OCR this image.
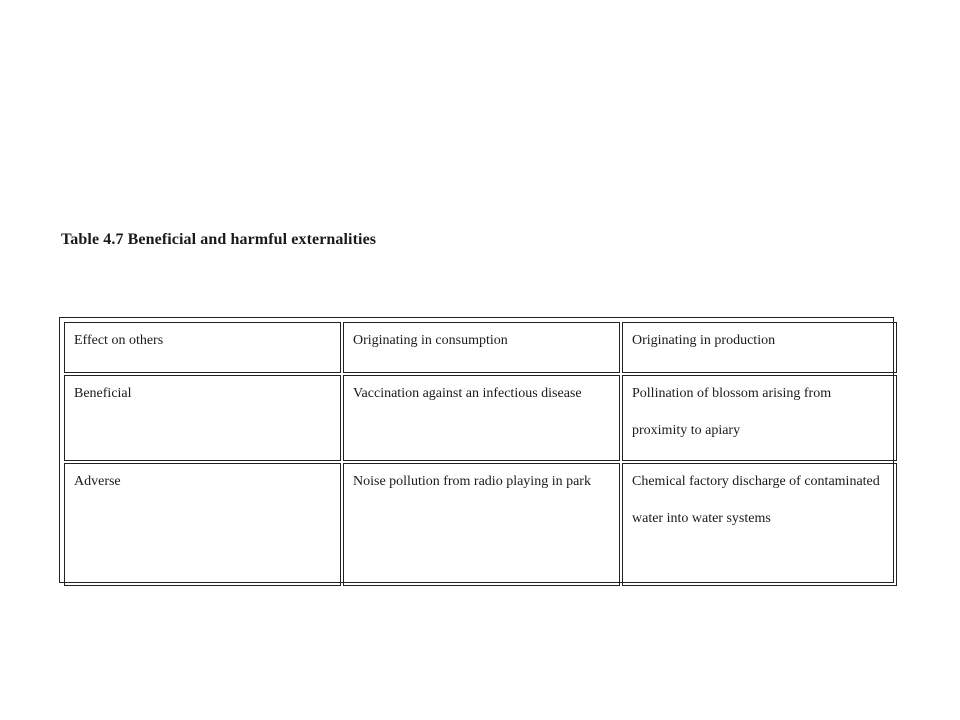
Table 4.7 Beneficial and harmful externalities
Effect on others	Originating in consumption	Originating in production

Beneficial	Vaccination against an infectious disease	Pollination of blossom arising from proximity to apiary

Adverse	Noise pollution from radio playing in park	Chemical factory discharge of contaminated water into water systems
